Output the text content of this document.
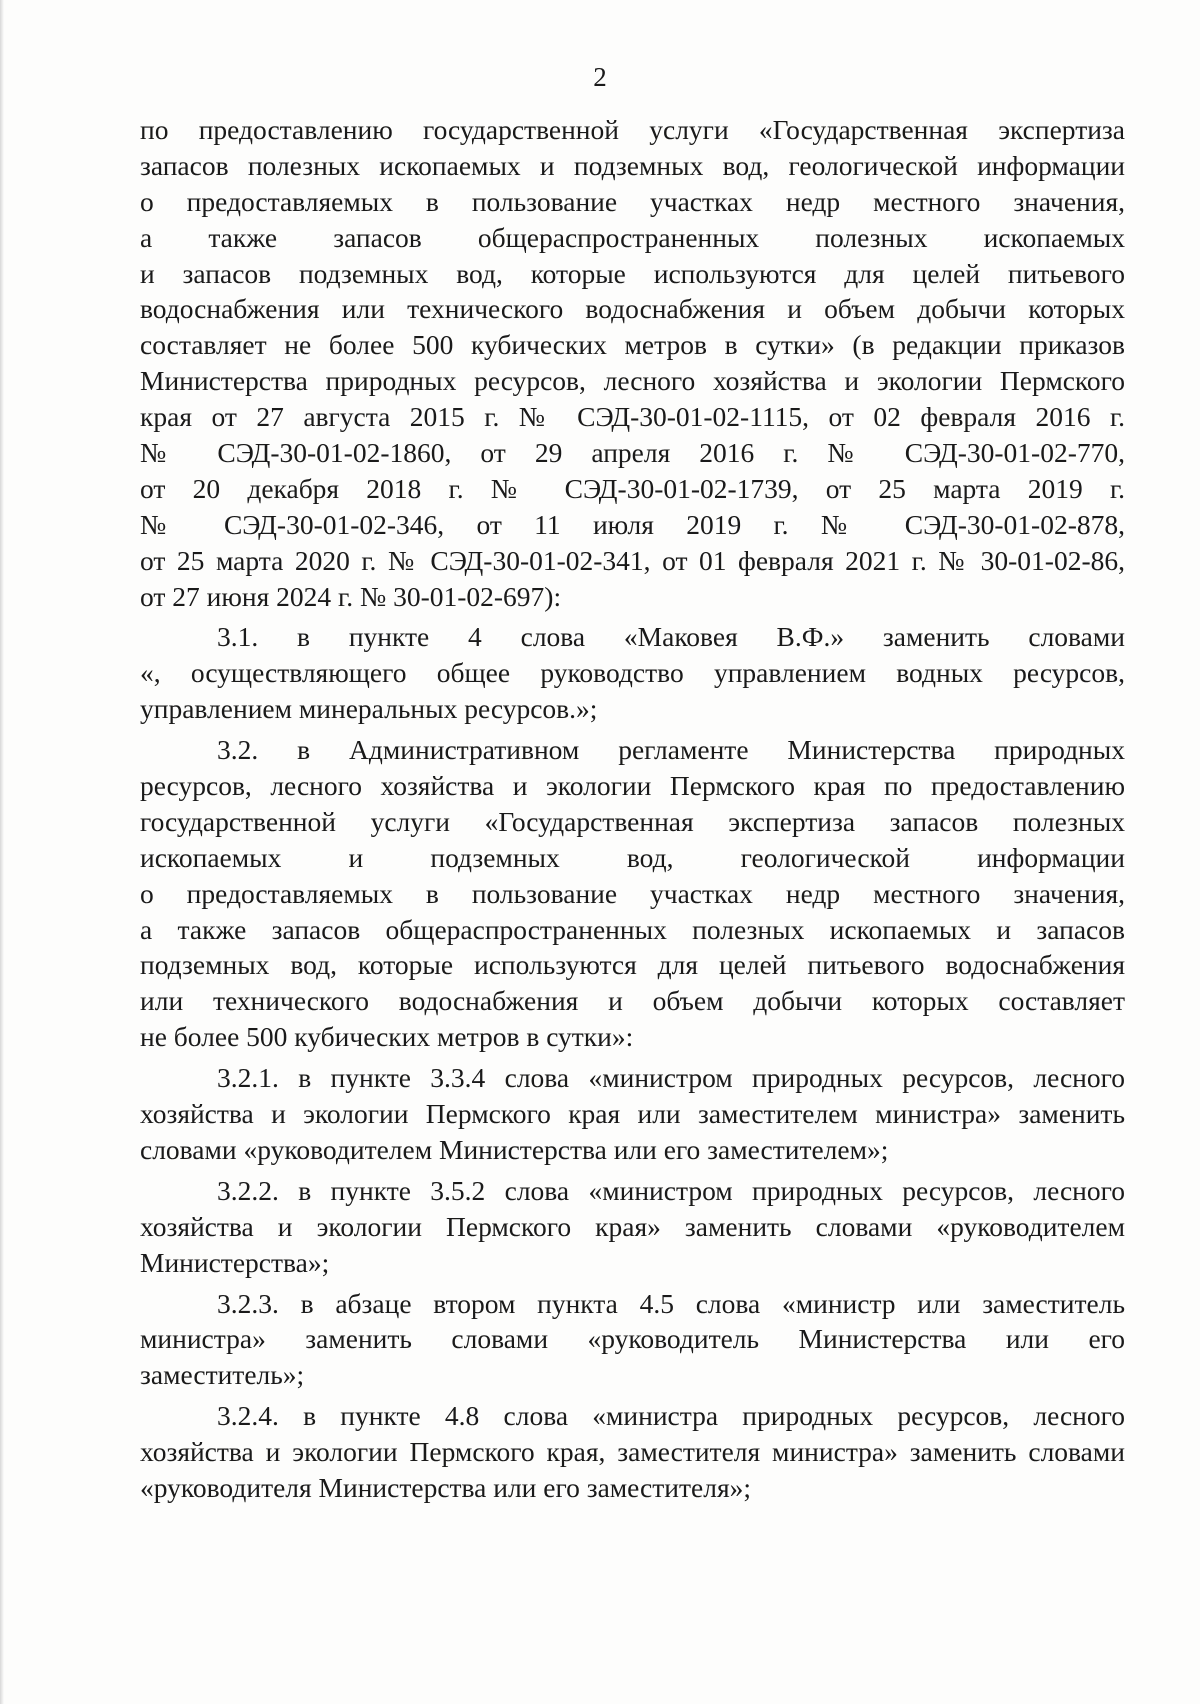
2
по предоставлению государственной услуги «Государственная экспертиза
запасов полезных ископаемых и подземных вод, геологической информации
о предоставляемых в пользование участках недр местного значения,
а также запасов общераспространенных полезных ископаемых
и запасов подземных вод, которые используются для целей питьевого
водоснабжения или технического водоснабжения и объем добычи которых
составляет не более 500 кубических метров в сутки» (в редакции приказов
Министерства природных ресурсов, лесного хозяйства и экологии Пермского
края от 27 августа 2015 г. № СЭД-30-01-02-1115, от 02 февраля 2016 г.
№ СЭД-30-01-02-1860, от 29 апреля 2016 г. № СЭД-30-01-02-770,
от 20 декабря 2018 г. № СЭД-30-01-02-1739, от 25 марта 2019 г.
№ СЭД-30-01-02-346, от 11 июля 2019 г. № СЭД-30-01-02-878,
от 25 марта 2020 г. № СЭД-30-01-02-341, от 01 февраля 2021 г. № 30-01-02-86,
от 27 июня 2024 г. № 30-01-02-697):
3.1. в пункте 4 слова «Маковея В.Ф.» заменить словами
«, осуществляющего общее руководство управлением водных ресурсов,
управлением минеральных ресурсов.»;
3.2. в Административном регламенте Министерства природных
ресурсов, лесного хозяйства и экологии Пермского края по предоставлению
государственной услуги «Государственная экспертиза запасов полезных
ископаемых и подземных вод, геологической информации
о предоставляемых в пользование участках недр местного значения,
а также запасов общераспространенных полезных ископаемых и запасов
подземных вод, которые используются для целей питьевого водоснабжения
или технического водоснабжения и объем добычи которых составляет
не более 500 кубических метров в сутки»:
3.2.1. в пункте 3.3.4 слова «министром природных ресурсов, лесного
хозяйства и экологии Пермского края или заместителем министра» заменить
словами «руководителем Министерства или его заместителем»;
3.2.2. в пункте 3.5.2 слова «министром природных ресурсов, лесного
хозяйства и экологии Пермского края» заменить словами «руководителем
Министерства»;
3.2.3. в абзаце втором пункта 4.5 слова «министр или заместитель
министра» заменить словами «руководитель Министерства или его
заместитель»;
3.2.4. в пункте 4.8 слова «министра природных ресурсов, лесного
хозяйства и экологии Пермского края, заместителя министра» заменить словами
«руководителя Министерства или его заместителя»;
